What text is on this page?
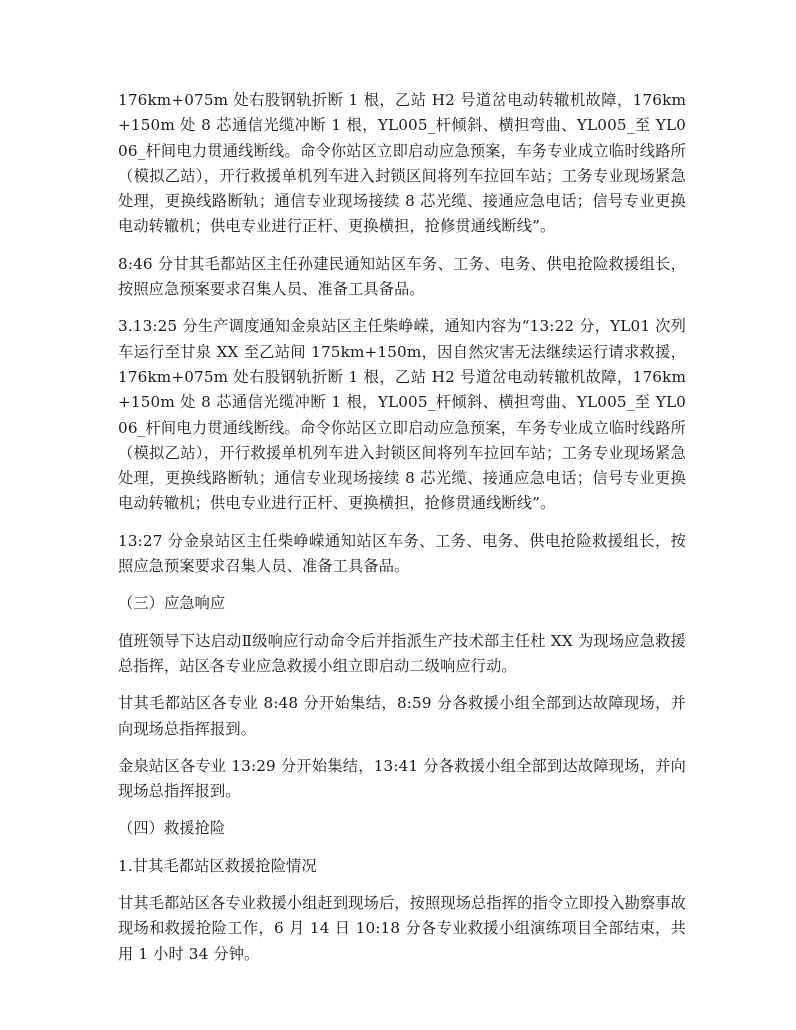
176km+075m 处右股钢轨折断 1 根，乙站 H2 号道岔电动转辙机故障，176km+150m 处 8 芯通信光缆冲断 1 根，YL005_杆倾斜、横担弯曲、YL005_至 YL006_杆间电力贯通线断线。命令你站区立即启动应急预案，车务专业成立临时线路所（模拟乙站），开行救援单机列车进入封锁区间将列车拉回车站；工务专业现场紧急处理，更换线路断轨；通信专业现场接续 8 芯光缆、接通应急电话；信号专业更换电动转辙机；供电专业进行正杆、更换横担，抢修贯通线断线”。

8:46 分甘其毛都站区主任孙建民通知站区车务、工务、电务、供电抢险救援组长，按照应急预案要求召集人员、准备工具备品。

3.13:25 分生产调度通知金泉站区主任柴峥嵘，通知内容为“13:22 分，YL01 次列车运行至甘泉 XX 至乙站间 175km+150m，因自然灾害无法继续运行请求救援，176km+075m 处右股钢轨折断 1 根，乙站 H2 号道岔电动转辙机故障，176km+150m 处 8 芯通信光缆冲断 1 根，YL005_杆倾斜、横担弯曲、YL005_至 YL006_杆间电力贯通线断线。命令你站区立即启动应急预案，车务专业成立临时线路所（模拟乙站），开行救援单机列车进入封锁区间将列车拉回车站；工务专业现场紧急处理，更换线路断轨；通信专业现场接续 8 芯光缆、接通应急电话；信号专业更换电动转辙机；供电专业进行正杆、更换横担，抢修贯通线断线”。

13:27 分金泉站区主任柴峥嵘通知站区车务、工务、电务、供电抢险救援组长，按照应急预案要求召集人员、准备工具备品。

（三）应急响应

值班领导下达启动Ⅱ级响应行动命令后并指派生产技术部主任杜 XX 为现场应急救援总指挥，站区各专业应急救援小组立即启动二级响应行动。

甘其毛都站区各专业 8:48 分开始集结，8:59 分各救援小组全部到达故障现场，并向现场总指挥报到。

金泉站区各专业 13:29 分开始集结，13:41 分各救援小组全部到达故障现场，并向现场总指挥报到。

（四）救援抢险

1.甘其毛都站区救援抢险情况

甘其毛都站区各专业救援小组赶到现场后，按照现场总指挥的指令立即投入勘察事故现场和救援抢险工作，6 月 14 日 10:18 分各专业救援小组演练项目全部结束，共用 1 小时 34 分钟。
